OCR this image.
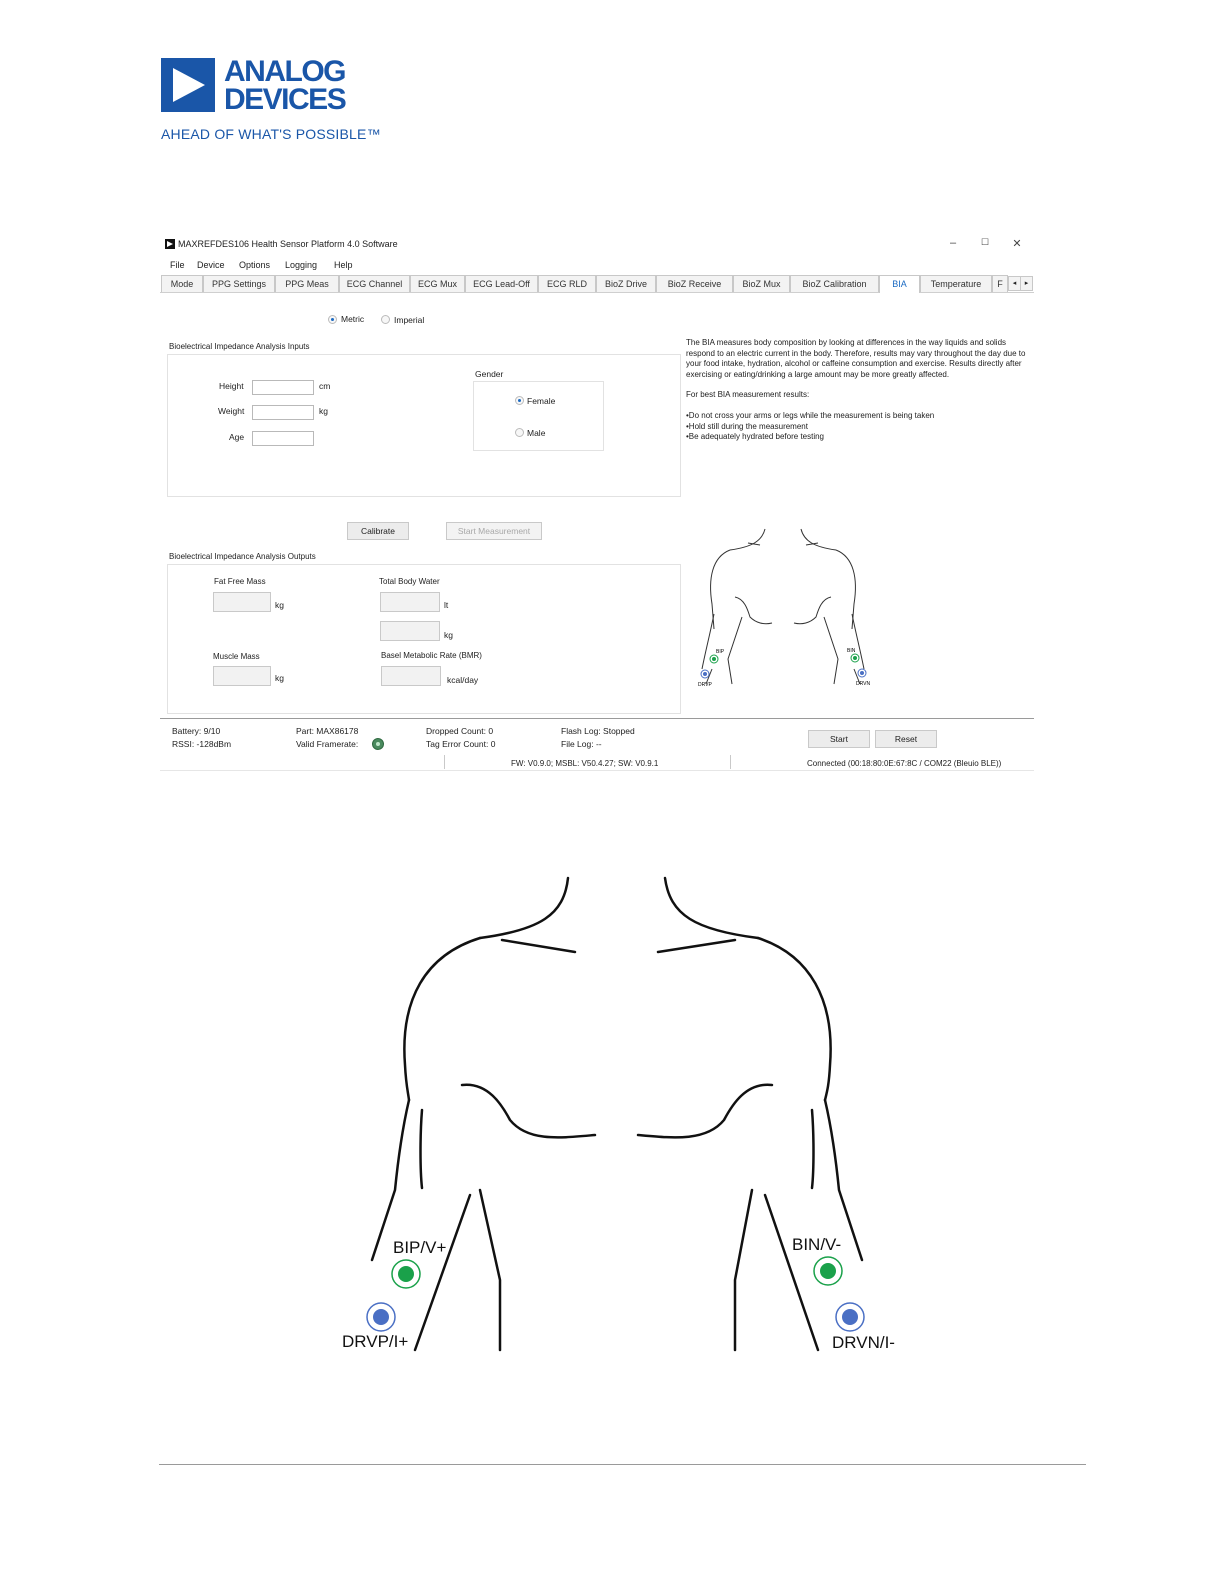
ANALOG
DEVICES
AHEAD OF WHAT'S POSSIBLE™
MAXREFDES106 Health Sensor Platform 4.0 Software	–	☐ ✕
File Device Options Logging Help
Mode	PPG Settings	PPG Meas	ECG Channel	ECG Mux	ECG Lead-Off	ECG RLD	BioZ Drive	BioZ Receive	BioZ Mux	BioZ Calibration	BIA	Temperature	F	◂	▸
Metric	Imperial
Bioelectrical Impedance Analysis Inputs
Height	cm
Weight	kg
Age
Gender
Female
Male

The BIA measures body composition by looking at differences in the way liquids and solids respond to an electric current in the body. Therefore, results may vary throughout the day due to your food intake, hydration, alcohol or caffeine consumption and exercise. Results directly after exercising or eating/drinking a large amount may be more greatly affected.

For best BIA measurement results:

•Do not cross your arms or legs while the measurement is being taken
•Hold still during the measurement
•Be adequately hydrated before testing
Calibrate	Start Measurement
Bioelectrical Impedance Analysis Outputs
Fat Free Mass
kg
Total Body Water
lt
kg
Muscle Mass
kg
Basel Metabolic Rate (BMR)
kcal/day
BIP
DRVP
BIN
DRVN
Battery: 9/10
RSSI: -128dBm
Part: MAX86178
Valid Framerate:
Dropped Count: 0
Tag Error Count: 0
Flash Log: Stopped
File Log: --	Start	Reset
FW: V0.9.0; MSBL: V50.4.27; SW: V0.9.1	Connected (00:18:80:0E:67:8C / COM22 (Bleuio BLE))
BIP/V+
DRVP/I+
BIN/V-
DRVN/I-
